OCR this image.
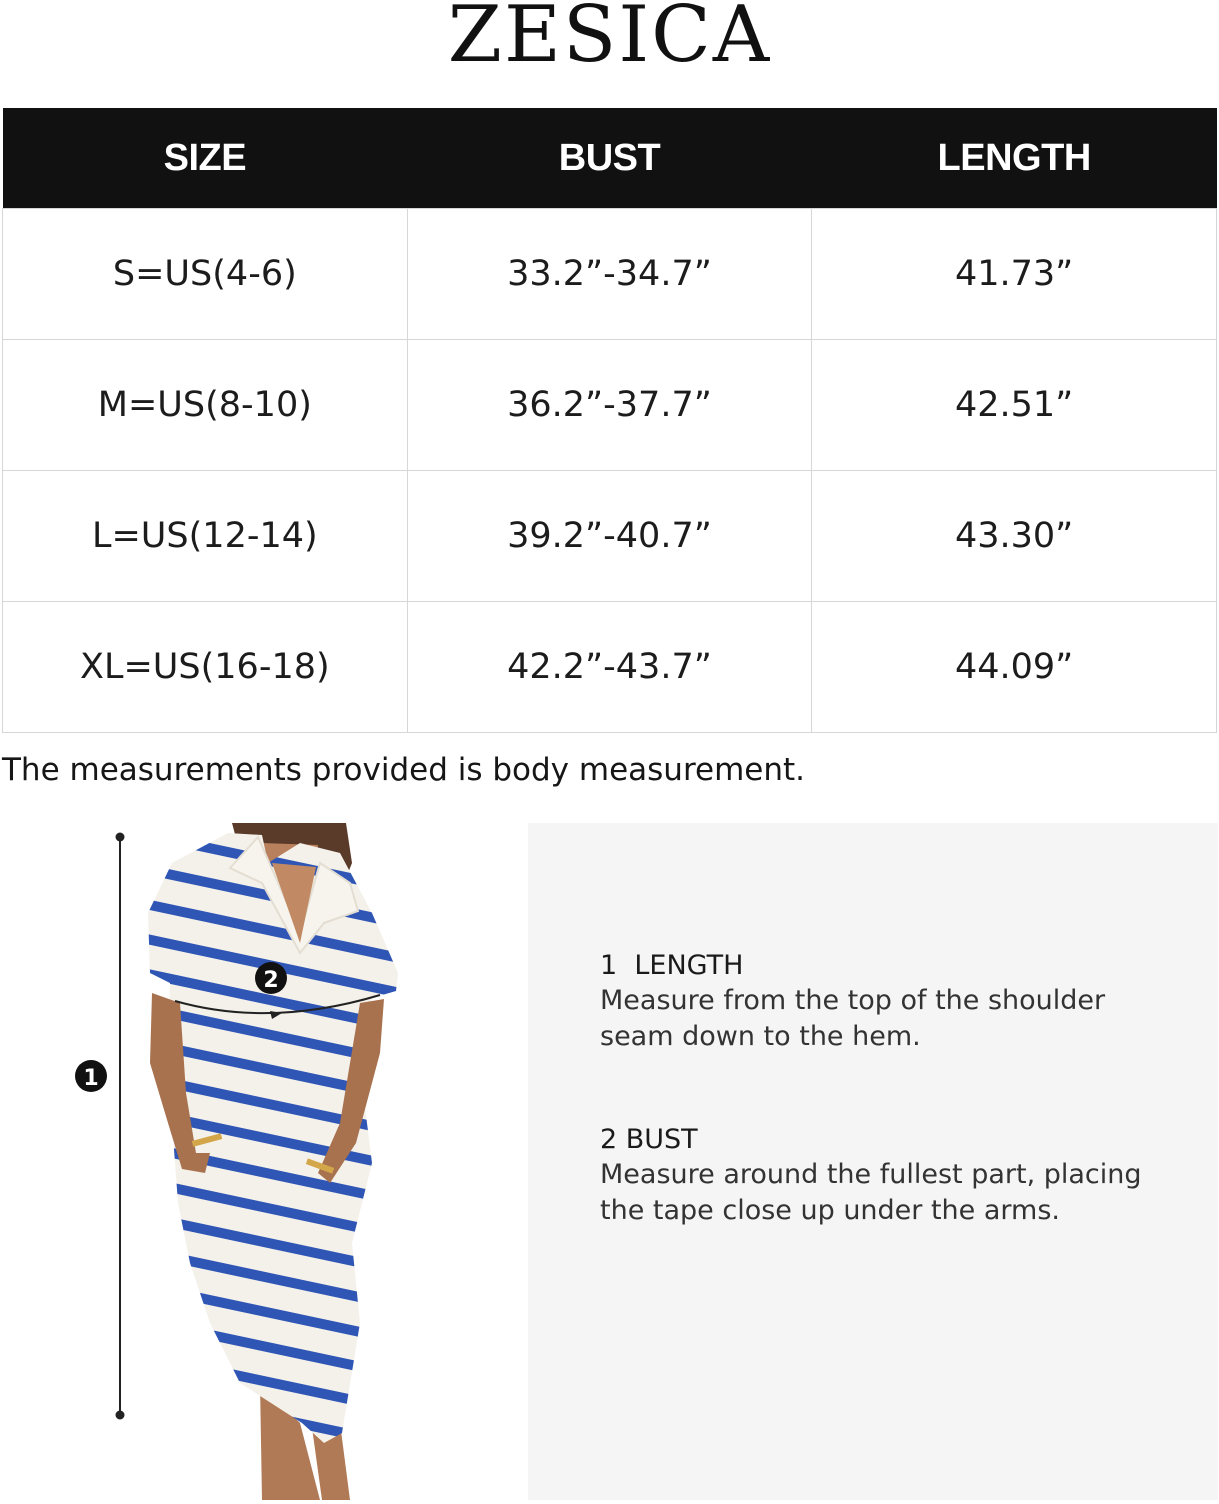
ZESICA
SIZE	BUST	LENGTH
S=US(4-6)	33.2”-34.7”	41.73”
M=US(8-10)	36.2”-37.7”	42.51”
L=US(12-14)	39.2”-40.7”	43.30”
XL=US(16-18)	42.2”-43.7”	44.09”
The measurements provided is body measurement.
1
2	1  LENGTH
Measure from the top of the shoulder
seam down to the hem.
2 BUST
Measure around the fullest part, placing
the tape close up under the arms.
